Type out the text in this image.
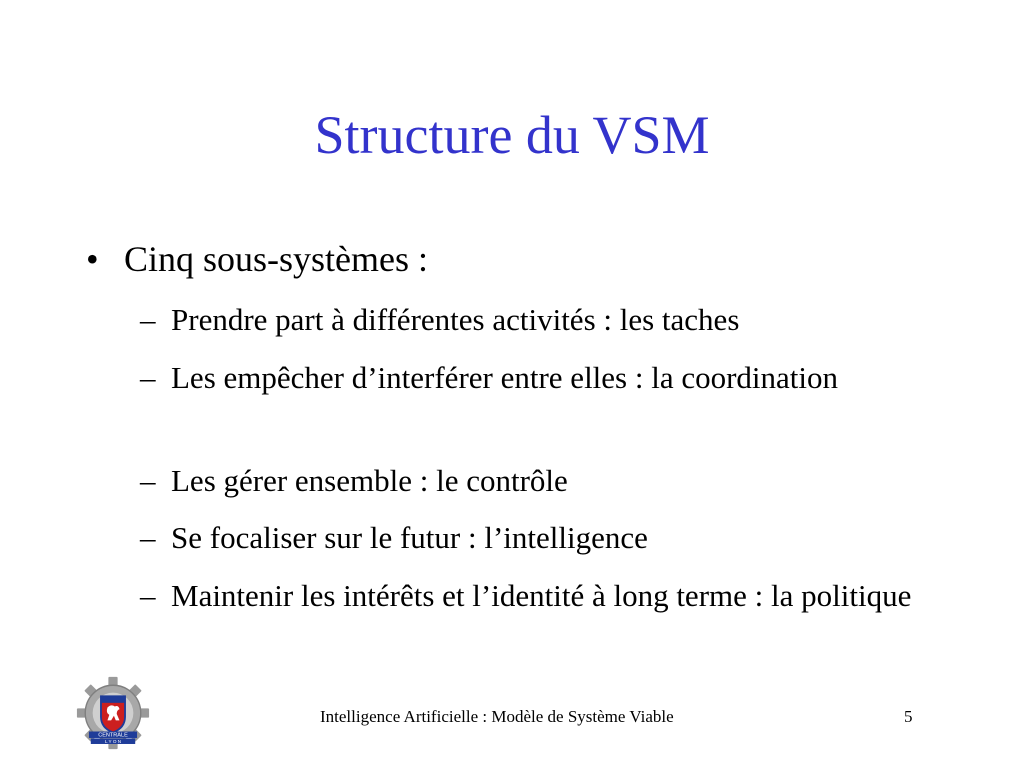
Structure du VSM
• Cinq sous-systèmes :
– Prendre part à différentes activités : les taches
– Les empêcher d’interférer entre elles : la coordination
– Les gérer ensemble : le contrôle
– Se focaliser sur le futur : l’intelligence
– Maintenir les intérêts et l’identité à long terme : la politique
CENTRALE
L Y O N
Intelligence Artificielle : Modèle de Système Viable	5
